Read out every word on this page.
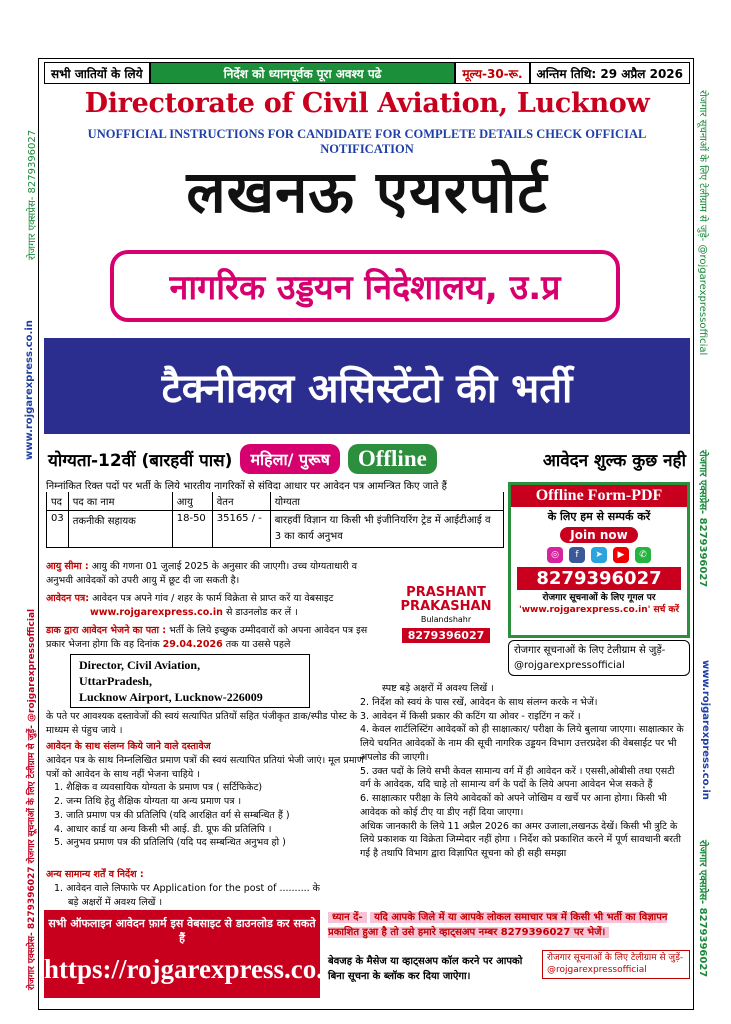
रोजगार एक्सप्रेस- 8279396027
www.rojgarexpress.co.in
रोजगार एक्सप्रेस- 8279396027 रोजगार सूचनाओं के लिए टेलीग्राम से जुड़ें- @rojgarexpressofficial
रोजगार सूचनाओं के लिए टेलीग्राम से जुड़े- @rojgarexpressofficial
रोजगार एक्सप्रेस- 8279396027
www.rojgarexpress.co.in
रोजगार एक्सप्रेस- 8279396027
सभी जातियों के लिये	निर्देश को ध्यानपूर्वक पूरा अवश्य पढे	मूल्य-30-रू.	अन्तिम तिथि: 29 अप्रैल 2026
Directorate of Civil Aviation, Lucknow
UNOFFICIAL INSTRUCTIONS FOR CANDIDATE FOR COMPLETE DETAILS CHECK OFFICIAL NOTIFICATION
लखनऊ एयरपोर्ट
नागरिक उड्डयन निदेशालय, उ.प्र
टैक्नीकल असिस्टेंटो की भर्ती
योग्यता-12वीं (बारहवीं पास)	महिला/ पुरूष	Offline	आवेदन शुल्क कुछ नही
निम्नांकित रिक्त पदों पर भर्ती के लिये भारतीय नागरिकों से संविदा आधार पर आवेदन पत्र आमन्त्रित किए जाते हैं
पद	पद का नाम	आयु	वेतन	योग्यता
03	तकनीकी सहायक	18-50	35165 / -	बारहवीं विज्ञान या किसी भी इंजीनियरिंग ट्रेड में आईटीआई व 3 का कार्य अनुभव
आयु सीमा : आयु की गणना 01 जुलाई 2025 के अनुसार की जाएगी। उच्च योग्यताधारी व अनुभवी आवेदकों को उपरी आयु में छूट दी जा सकती है।
आवेदन पत्र: आवेदन पत्र अपने गांव / शहर के फार्म विक्रेता से प्राप्त करें या वेबसाइट
www.rojgarexpress.co.in से डाउनलोड कर लें ।
डाक द्वारा आवेदन भेजने का पता : भर्ती के लिये इच्छुक उम्मीदवारों को अपना आवेदन पत्र इस प्रकार भेजना होगा कि वह दिनांक 29.04.2026 तक या उससे पहले
Director, Civil Aviation,
UttarPradesh,
Lucknow Airport, Lucknow-226009
के पते पर आवश्यक दस्तावेजों की स्वयं सत्यापित प्रतियों सहित पंजीकृत डाक/स्पीड पोस्ट के माध्यम से पंहुच जाये ।
आवेदन के साथ संलग्न किये जाने वाले दस्तावेज
आवेदन पत्र के साथ निम्नलिखित प्रमाण पत्रों की स्वयं सत्यापित प्रतियां भेजी जाएं। मूल प्रमाण पत्रों को आवेदन के साथ नहीं भेजना चाहिये ।
1. शैक्षिक व व्यवसायिक योग्यता के प्रमाण पत्र ( सर्टिफिकेट)
2. जन्म तिथि हेतु शैक्षिक योग्यता या अन्य प्रमाण पत्र ।
3. जाति प्रमाण पत्र की प्रतिलिपि (यदि आरक्षित वर्ग से सम्बन्धित हैं )
4. आधार कार्ड या अन्य किसी भी आई. डी. प्रूफ की प्रतिलिपि ।
5. अनुभव प्रमाण पत्र की प्रतिलिपि (यदि पद सम्बन्धित अनुभव हो )
अन्य सामान्य शर्तें व निर्देश :
1. आवेदन वाले लिफाफे पर Application for the post of .......... के
बड़े अक्षरों में अवश्य लिखें ।
Offline Form-PDF
के लिए हम से सम्पर्क करें
Join now
◎	f	➤	▶	✆
8279396027
रोजगार सूचनाओं के लिए गूगल पर
'www.rojgarexpress.co.in' सर्च करें
PRASHANT PRAKASHAN
Bulandshahr
8279396027
रोजगार सूचनाओं के लिए टेलीग्राम से जुड़ें- @rojgarexpressofficial
स्पष्ट बड़े अक्षरों में अवश्य लिखें ।
2. निर्देश को स्वयं के पास रखें, आवेदन के साथ संलग्न करके न भेजें।
3. आवेदन में किसी प्रकार की कटिंग या ओवर - राइटिंग न करें ।
4. केवल शार्टलिस्टिंग आवेदकों को ही साक्षात्कार/ परीक्षा के लिये बुलाया जाएगा। साक्षात्कार के लिये चयनित आवेदकों के नाम की सूची नागरिक उड्डयन विभाग उत्तरप्रदेश की वेबसाईट पर भी अपलोड की जाएगी।
5. उक्त पदों के लिये सभी केवल सामान्य वर्ग में ही आवेदन करें । एससी,ओबीसी तथा एसटी वर्ग के आवेदक, यदि चाहे तो सामान्य वर्ग के पदों के लिये अपना आवेदन भेज सकते हैं
6. साक्षात्कार परीक्षा के लिये आवेदकों को अपने जोखिम व खर्चे पर आना होगा। किसी भी आवेदक को कोई टीए या डीए नहीं दिया जाएगा।
अधिक जानकारी के लिये 11 अप्रैल 2026 का अमर उजाला,लखनऊ देखें। किसी भी त्रुटि के लिये प्रकाशक या विक्रेता जिम्मेदार नहीं होगा । निर्देश को प्रकाशित करने में पूर्ण सावधानी बरती गई है तथापि विभाग द्वारा विज्ञापित सूचना को ही सही समझा
सभी ऑफलाइन आवेदन फ़ार्म इस वेबसाइट से डाउनलोड कर सकते हैं
https://rojgarexpress.co.in
ध्यान दें- यदि आपके जिले में या आपके लोकल समाचार पत्र में किसी भी भर्ती का विज्ञापन प्रकाशित हुआ है तो उसे हमारे व्हाट्सअप नम्बर 8279396027 पर भेजें।
बेवजह के मैसेज या व्हाट्सअप कॉल करने पर आपको बिना सूचना के ब्लॉक कर दिया जाऐगा।
रोजगार सूचनाओं के लिए टेलीग्राम से जुड़ें- @rojgarexpressofficial
